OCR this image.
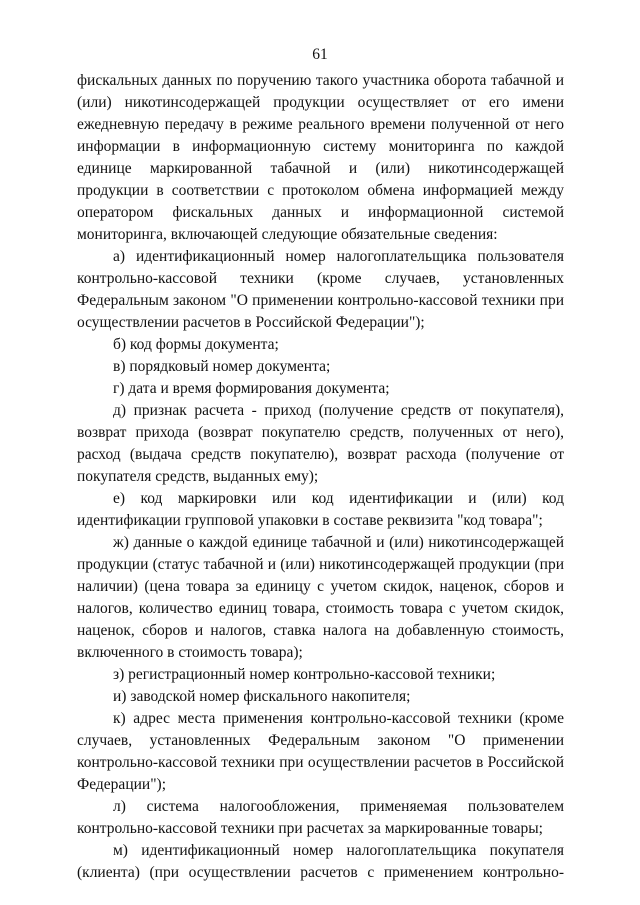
61

фискальных данных по поручению такого участника оборота табачной и (или) никотинсодержащей продукции осуществляет от его имени ежедневную передачу в режиме реального времени полученной от него информации в информационную систему мониторинга по каждой единице маркированной табачной и (или) никотинсодержащей продукции в соответствии с протоколом обмена информацией между оператором фискальных данных и информационной системой мониторинга, включающей следующие обязательные сведения:

а) идентификационный номер налогоплательщика пользователя контрольно-кассовой техники (кроме случаев, установленных Федеральным законом "О применении контрольно-кассовой техники при осуществлении расчетов в Российской Федерации");

б) код формы документа;

в) порядковый номер документа;

г) дата и время формирования документа;

д) признак расчета - приход (получение средств от покупателя), возврат прихода (возврат покупателю средств, полученных от него), расход (выдача средств покупателю), возврат расхода (получение от покупателя средств, выданных ему);

е) код маркировки или код идентификации и (или) код идентификации групповой упаковки в составе реквизита "код товара";

ж) данные о каждой единице табачной и (или) никотинсодержащей продукции (статус табачной и (или) никотинсодержащей продукции (при наличии) (цена товара за единицу с учетом скидок, наценок, сборов и налогов, количество единиц товара, стоимость товара с учетом скидок, наценок, сборов и налогов, ставка налога на добавленную стоимость, включенного в стоимость товара);

з) регистрационный номер контрольно-кассовой техники;

и) заводской номер фискального накопителя;

к) адрес места применения контрольно-кассовой техники (кроме случаев, установленных Федеральным законом "О применении контрольно-кассовой техники при осуществлении расчетов в Российской Федерации");

л) система налогообложения, применяемая пользователем контрольно-кассовой техники при расчетах за маркированные товары;

м) идентификационный номер налогоплательщика покупателя (клиента) (при осуществлении расчетов с применением контрольно-
